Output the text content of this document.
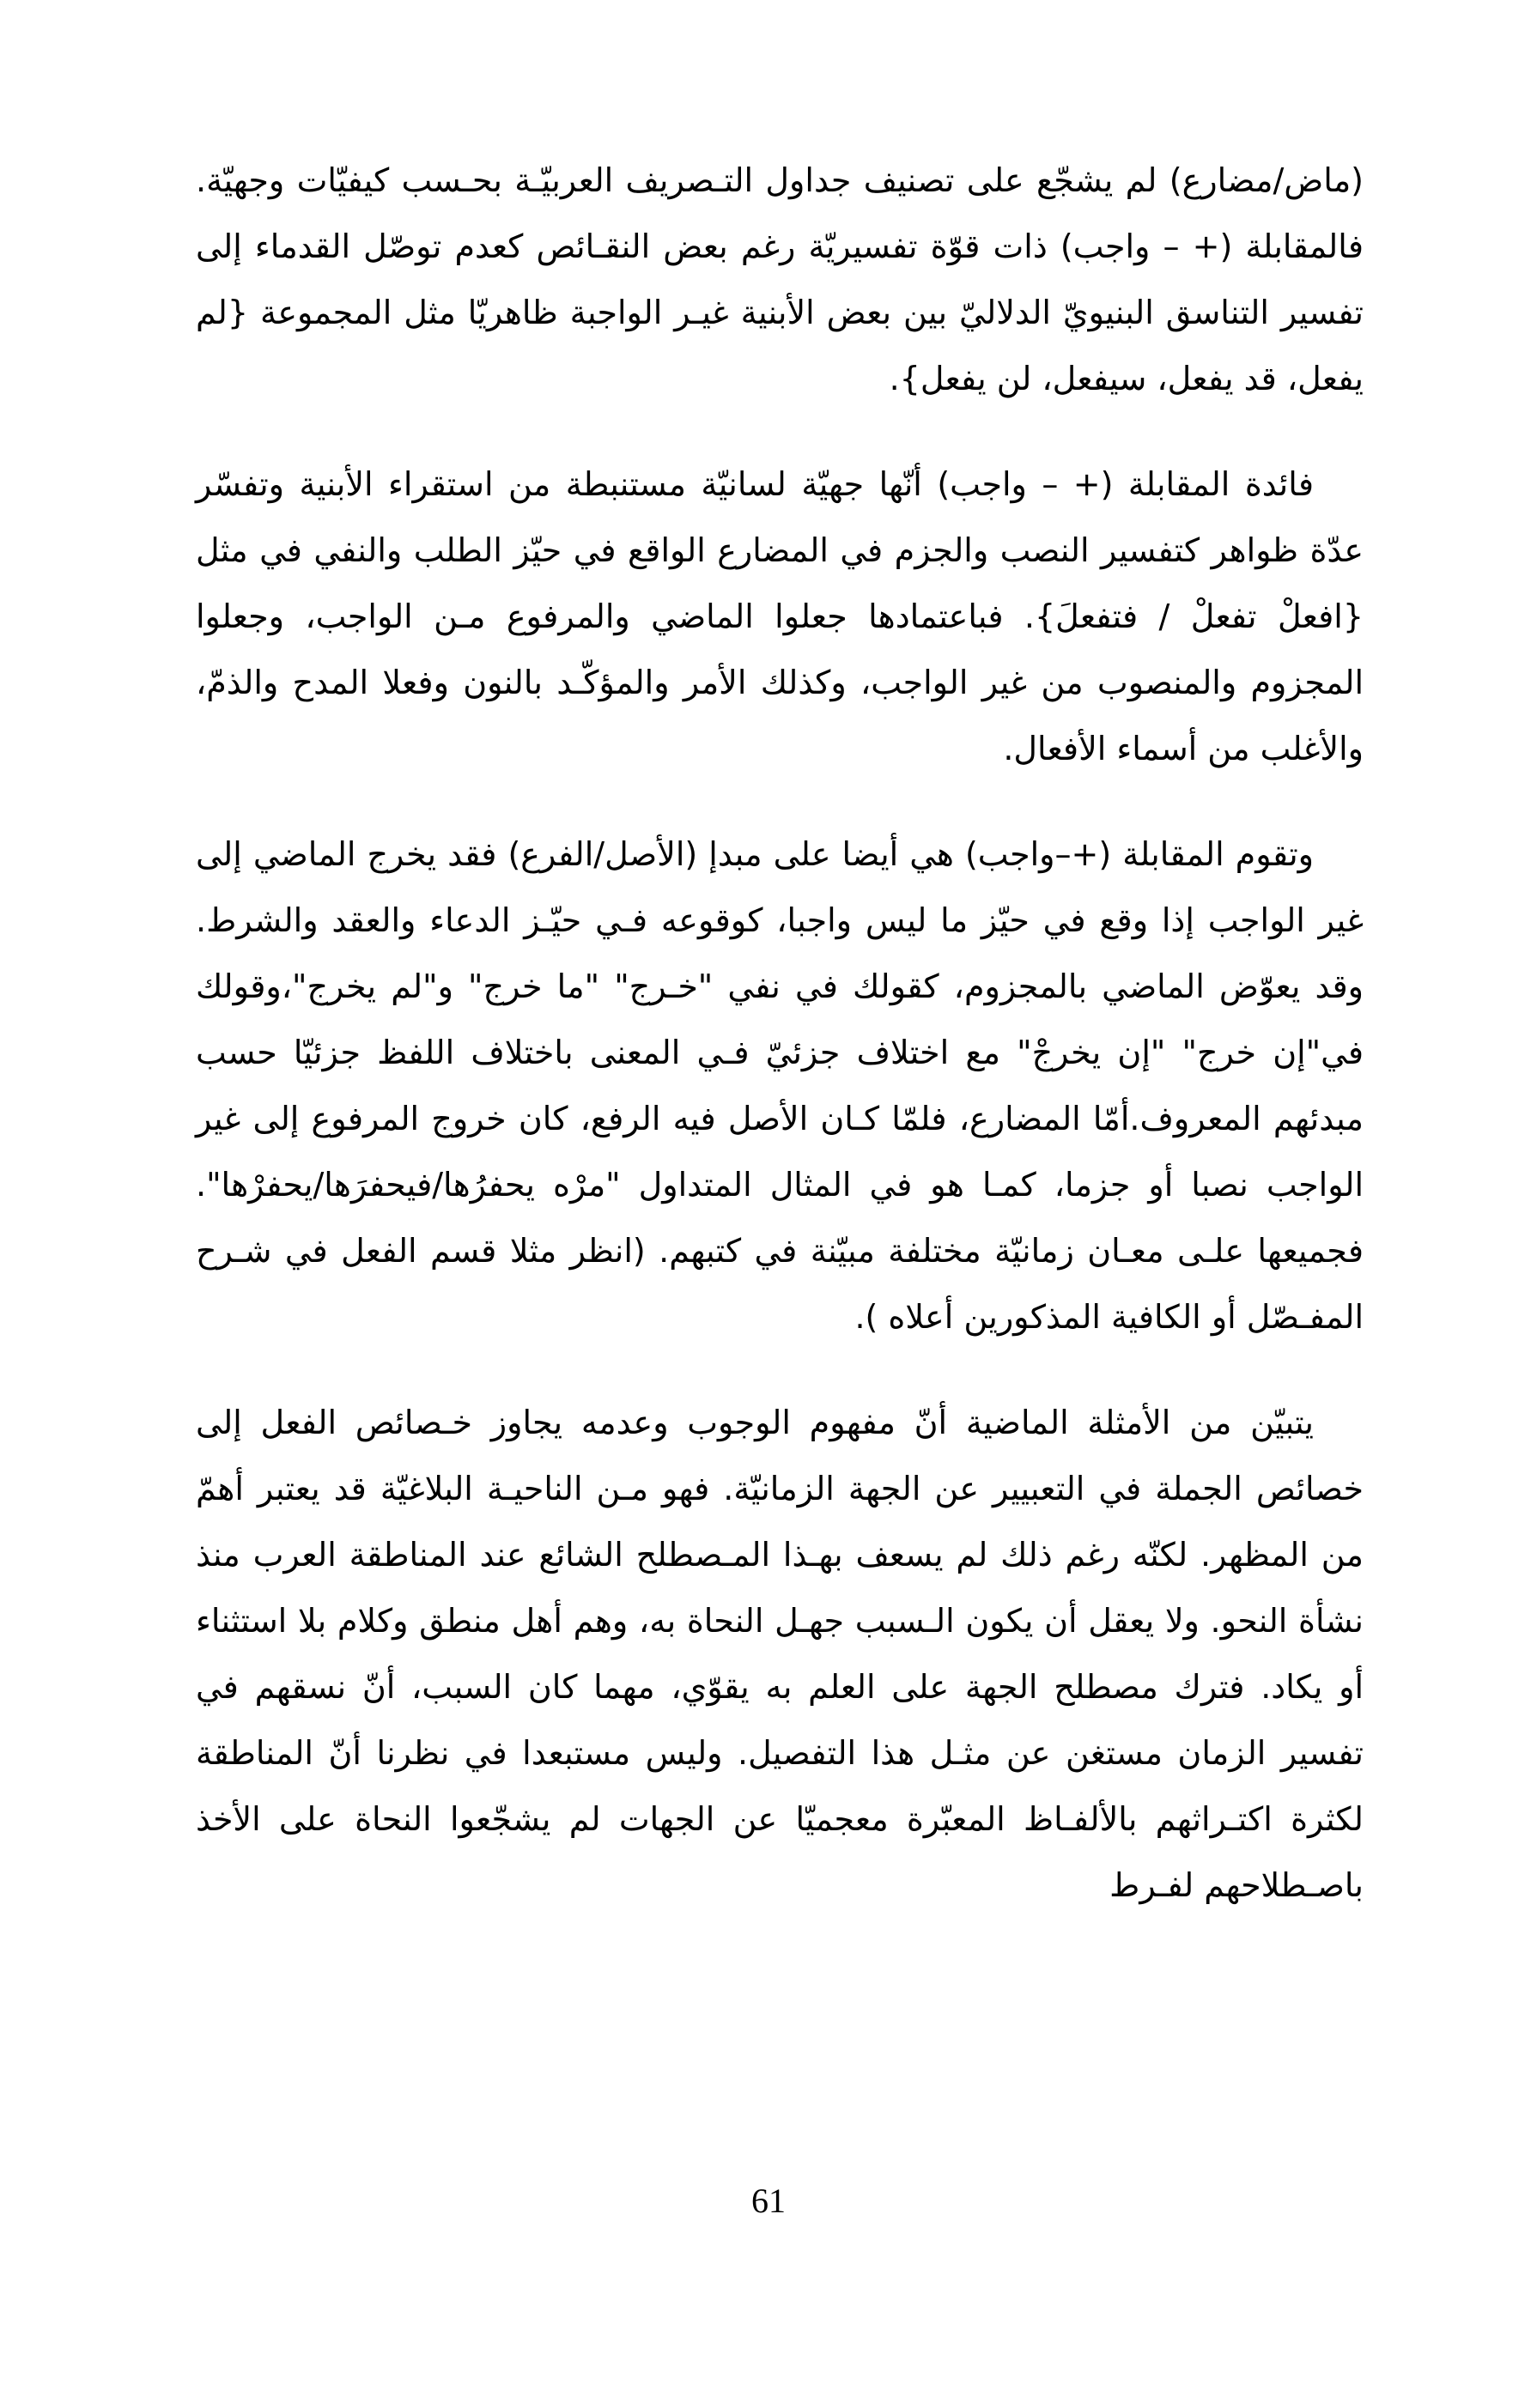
(ماض/مضارع) لم يشجّع على تصنيف جداول التـصريف العربيّـة بحـسب كيفيّات وجهيّة. فالمقابلة (+ – واجب) ذات قوّة تفسيريّة رغم بعض النقـائص كعدم توصّل القدماء إلى تفسير التناسق البنيويّ الدلاليّ بين بعض الأبنية غيـر الواجبة ظاهريّا مثل المجموعة {لم يفعل، قد يفعل، سيفعل، لن يفعل}.

فائدة المقابلة (+ – واجب) أنّها جهيّة لسانيّة مستنبطة من استقراء الأبنية وتفسّر عدّة ظواهر كتفسير النصب والجزم في المضارع الواقع في حيّز الطلب والنفي في مثل {افعلْ تفعلْ / فتفعلَ}. فباعتمادها جعلوا الماضي والمرفوع مـن الواجب، وجعلوا المجزوم والمنصوب من غير الواجب، وكذلك الأمر والمؤكّـد بالنون وفعلا المدح والذمّ، والأغلب من أسماء الأفعال.

وتقوم المقابلة (+–واجب) هي أيضا على مبدإ (الأصل/الفرع) فقد يخرج الماضي إلى غير الواجب إذا وقع في حيّز ما ليس واجبا، كوقوعه فـي حيّـز الدعاء والعقد والشرط. وقد يعوّض الماضي بالمجزوم، كقولك في نفي "خـرج" "ما خرج" و"لم يخرج"،وقولك في"إن خرج" "إن يخرجْ" مع اختلاف جزئيّ فـي المعنى باختلاف اللفظ جزئيّا حسب مبدئهم المعروف.أمّا المضارع، فلمّا كـان الأصل فيه الرفع، كان خروج المرفوع إلى غير الواجب نصبا أو جزما، كمـا هو في المثال المتداول "مرْه يحفرُها/فيحفرَها/يحفرْها". فجميعها علـى معـان زمانيّة مختلفة مبيّنة في كتبهم. (انظر مثلا قسم الفعل في شـرح المفـصّل أو الكافية المذكورين أعلاه ).

يتبيّن من الأمثلة الماضية أنّ مفهوم الوجوب وعدمه يجاوز خـصائص الفعل إلى خصائص الجملة في التعبيير عن الجهة الزمانيّة. فهو مـن الناحيـة البلاغيّة قد يعتبر أهمّ من المظهر. لكنّه رغم ذلك لم يسعف بهـذا المـصطلح الشائع عند المناطقة العرب منذ نشأة النحو. ولا يعقل أن يكون الـسبب جهـل النحاة به، وهم أهل منطق وكلام بلا استثناء أو يكاد. فترك مصطلح الجهة على العلم به يقوّي، مهما كان السبب، أنّ نسقهم في تفسير الزمان مستغن عن مثـل هذا التفصيل. وليس مستبعدا في نظرنا أنّ المناطقة لكثرة اكتـراثهم بالألفـاظ المعبّرة معجميّا عن الجهات لم يشجّعوا النحاة على الأخذ باصـطلاحهم لفـرط

61
